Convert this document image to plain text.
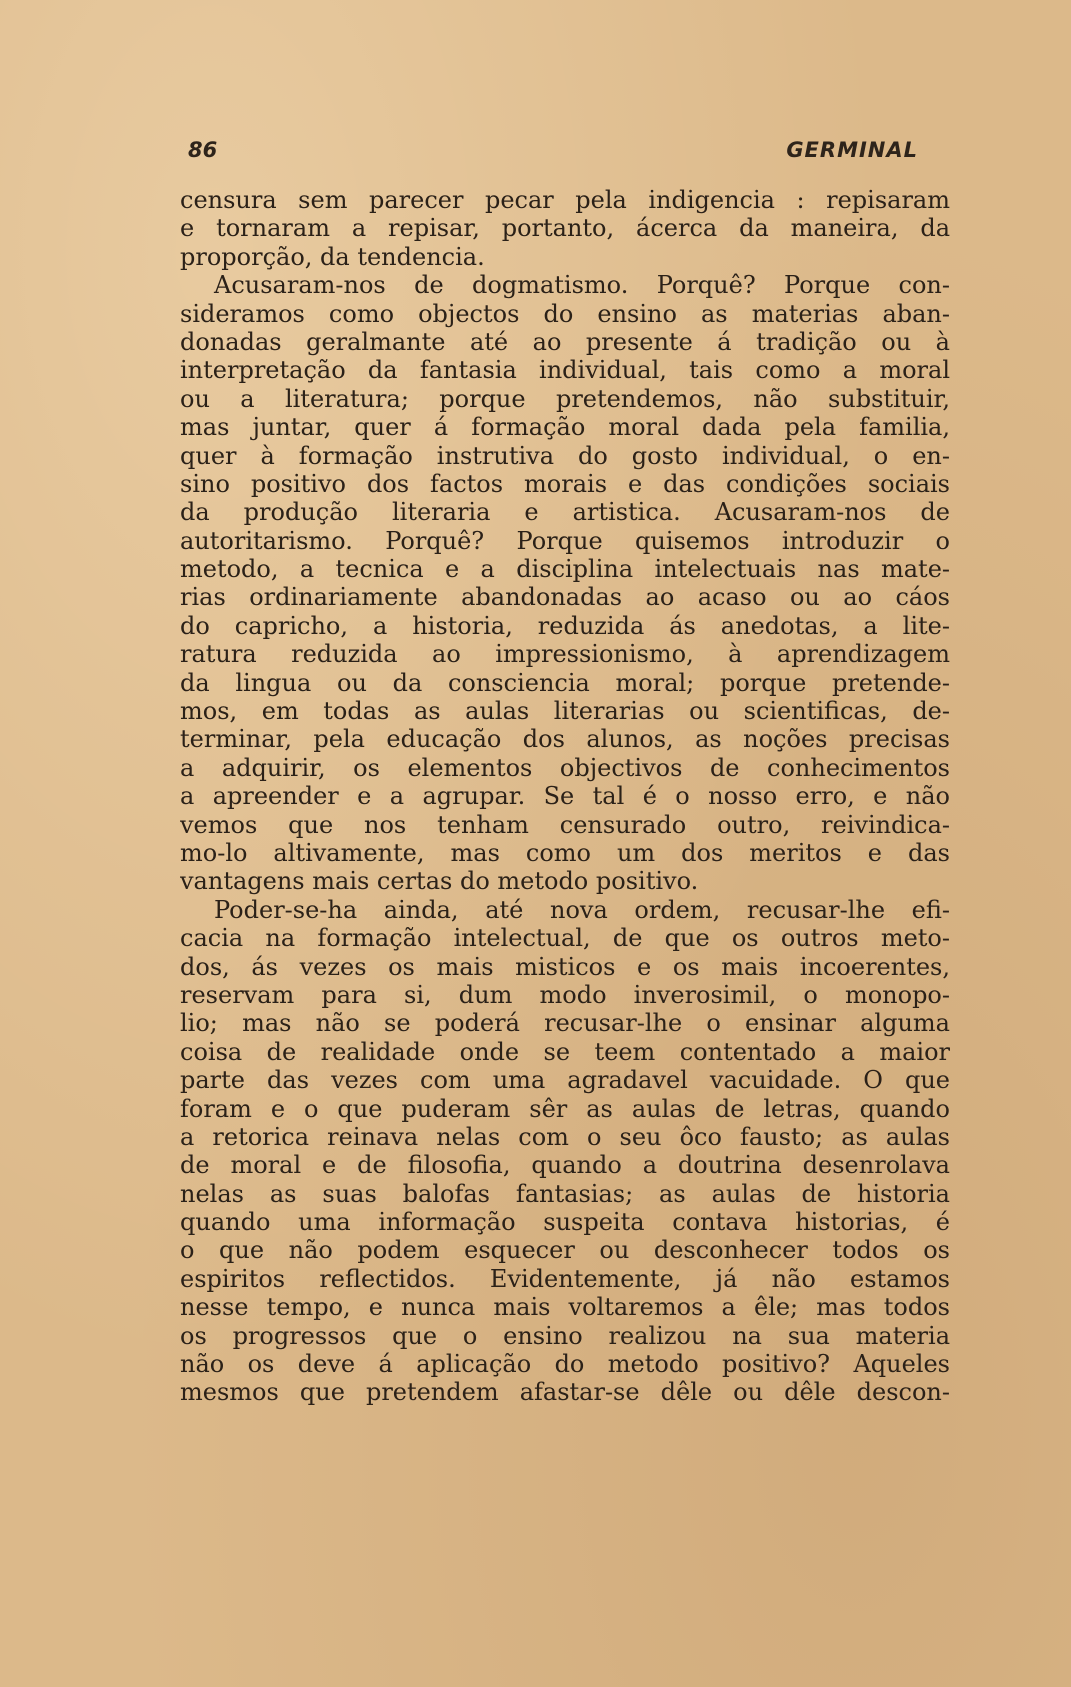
86	GERMINAL
censura sem parecer pecar pela indigencia : repisaram
e tornaram a repisar, portanto, ácerca da maneira, da
proporção, da tendencia.
Acusaram-nos de dogmatismo. Porquê? Porque con-
sideramos como objectos do ensino as materias aban-
donadas geralmante até ao presente á tradição ou à
interpretação da fantasia individual, tais como a moral
ou a literatura; porque pretendemos, não substituir,
mas juntar, quer á formação moral dada pela familia,
quer à formação instrutiva do gosto individual, o en-
sino positivo dos factos morais e das condições sociais
da produção literaria e artistica. Acusaram-nos de
autoritarismo. Porquê? Porque quisemos introduzir o
metodo, a tecnica e a disciplina intelectuais nas mate-
rias ordinariamente abandonadas ao acaso ou ao cáos
do capricho, a historia, reduzida ás anedotas, a lite-
ratura reduzida ao impressionismo, à aprendizagem
da lingua ou da consciencia moral; porque pretende-
mos, em todas as aulas literarias ou scientificas, de-
terminar, pela educação dos alunos, as noções precisas
a adquirir, os elementos objectivos de conhecimentos
a apreender e a agrupar. Se tal é o nosso erro, e não
vemos que nos tenham censurado outro, reivindica-
mo-lo altivamente, mas como um dos meritos e das
vantagens mais certas do metodo positivo.
Poder-se-ha ainda, até nova ordem, recusar-lhe efi-
cacia na formação intelectual, de que os outros meto-
dos, ás vezes os mais misticos e os mais incoerentes,
reservam para si, dum modo inverosimil, o monopo-
lio; mas não se poderá recusar-lhe o ensinar alguma
coisa de realidade onde se teem contentado a maior
parte das vezes com uma agradavel vacuidade. O que
foram e o que puderam sêr as aulas de letras, quando
a retorica reinava nelas com o seu ôco fausto; as aulas
de moral e de filosofia, quando a doutrina desenrolava
nelas as suas balofas fantasias; as aulas de historia
quando uma informação suspeita contava historias, é
o que não podem esquecer ou desconhecer todos os
espiritos reflectidos. Evidentemente, já não estamos
nesse tempo, e nunca mais voltaremos a êle; mas todos
os progressos que o ensino realizou na sua materia
não os deve á aplicação do metodo positivo? Aqueles
mesmos que pretendem afastar-se dêle ou dêle descon-
